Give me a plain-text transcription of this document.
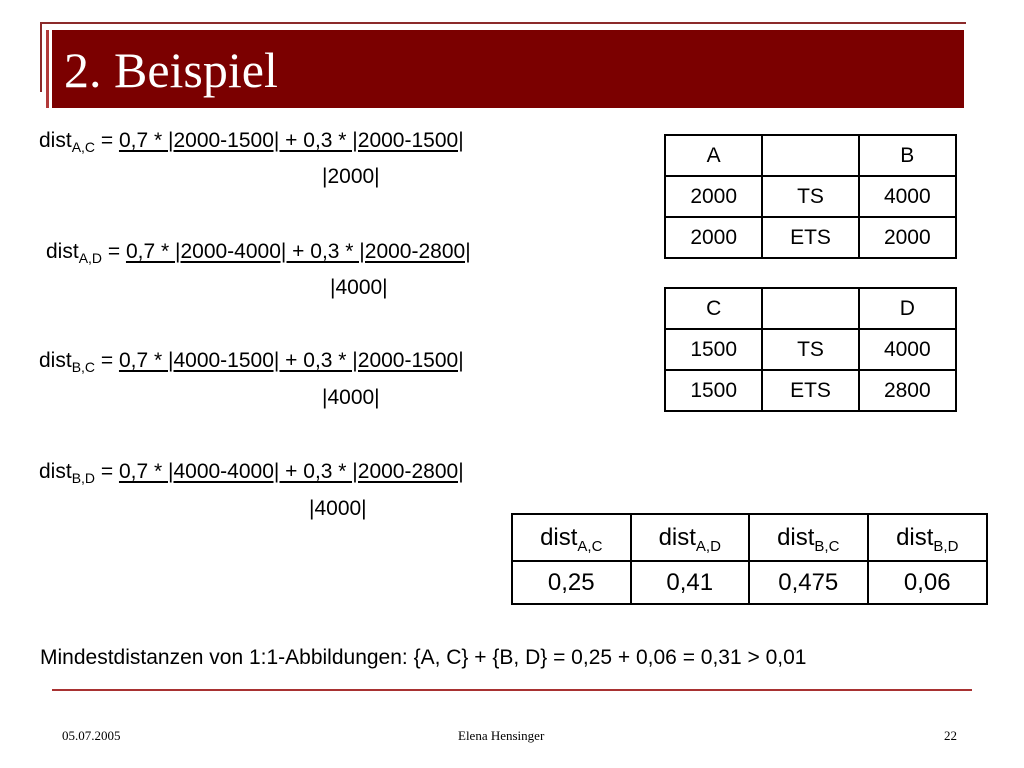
2. Beispiel
dist$_{A,C}$ = 0,7 * |2000-1500| + 0,3 * |2000-1500|
|2000|
dist$_{A,D}$ = 0,7 * |2000-4000| + 0,3 * |2000-2800|
|4000|
dist$_{B,C}$ = 0,7 * |4000-1500| + 0,3 * |2000-1500|
|4000|
dist$_{B,D}$ = 0,7 * |4000-4000| + 0,3 * |2000-2800|
|4000|
A		B
2000	TS	4000
2000	ETS	2000
C		D
1500	TS	4000
1500	ETS	2800
dist$_{A,C}$	dist$_{A,D}$	dist$_{B,C}$	dist$_{B,D}$
0,25	0,41	0,475	0,06
Mindestdistanzen von 1:1-Abbildungen: {A, C} + {B, D} = 0,25 + 0,06 = 0,31 > 0,01
05.07.2005	Elena Hensinger	22
